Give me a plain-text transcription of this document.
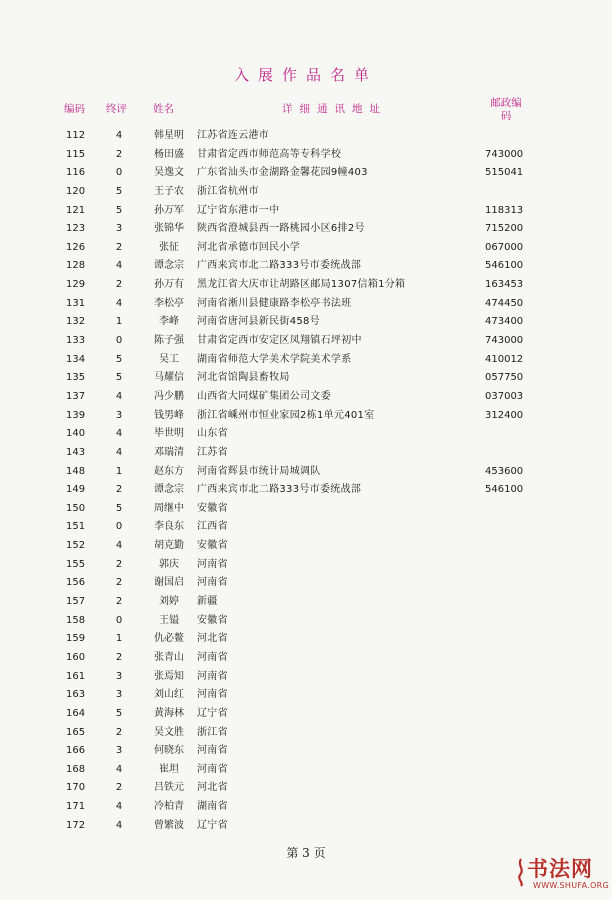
入展作品名单
编码 终评 姓名	详细通讯地址	邮政编码
112	4	韩星明	江苏省连云港市
115	2	杨田盛	甘肃省定西市师范高等专科学校	743000
116	0	吴逸文	广东省汕头市金湖路金馨花园9幢403	515041
120	5	王子农	浙江省杭州市
121	5	孙万军	辽宁省东港市一中	118313
123	3	张锦华	陕西省澄城县西一路桃园小区6排2号	715200
126	2	张征	河北省承德市回民小学	067000
128	4	谭念宗	广西来宾市北二路333号市委统战部	546100
129	2	孙万有	黑龙江省大庆市让胡路区邮局1307信箱1分箱	163453
131	4	李松亭	河南省淅川县健康路李松亭书法班	474450
132	1	李峰	河南省唐河县新民街458号	473400
133	0	陈子强	甘肃省定西市安定区凤翔镇石坪初中	743000
134	5	吴工	湖南省师范大学美术学院美术学系	410012
135	5	马耀信	河北省馆陶县畜牧局	057750
137	4	冯少鹏	山西省大同煤矿集团公司文委	037003
139	3	钱男峰	浙江省嵊州市恒业家园2栋1单元401室	312400
140	4	毕世明	山东省
143	4	邓瑞清	江苏省
148	1	赵东方	河南省辉县市统计局城调队	453600
149	2	谭念宗	广西来宾市北二路333号市委统战部	546100
150	5	周继中	安徽省
151	0	李良东	江西省
152	4	胡克勤	安徽省
155	2	郭庆	河南省
156	2	谢国启	河南省
157	2	刘婷	新疆
158	0	王镒	安徽省
159	1	仇必鳌	河北省
160	2	张青山	河南省
161	3	张焉知	河南省
163	3	刘山红	河南省
164	5	黄海林	辽宁省
165	2	吴文胜	浙江省
166	3	何晓东	河南省
168	4	崔坦	河南省
170	2	吕铁元	河北省
171	4	冷柏青	湖南省
172	4	曾繁波	辽宁省
第 3 页
书法网
WWW.SHUFA.ORG
